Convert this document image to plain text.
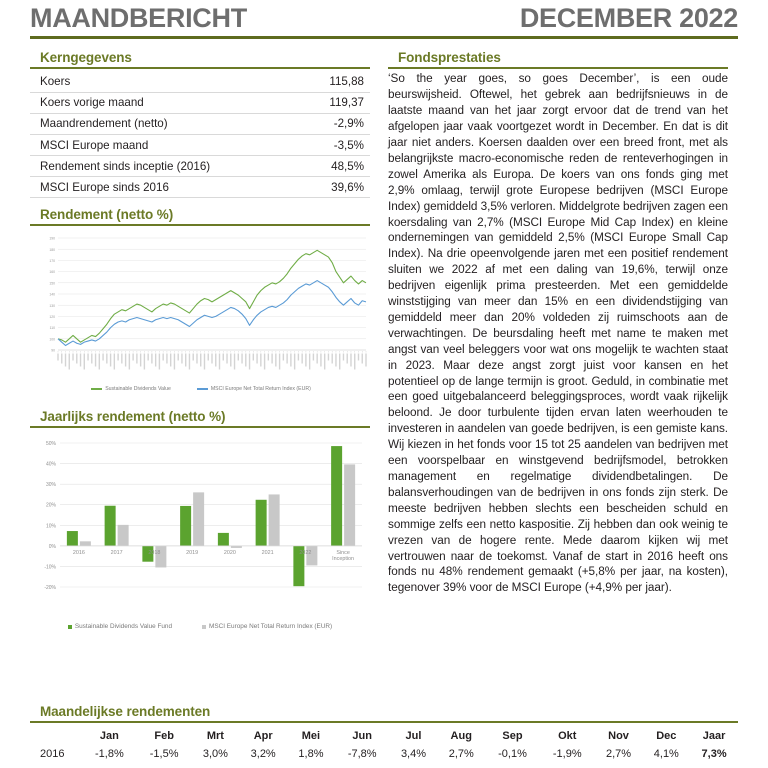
MAANDBERICHT	DECEMBER 2022
Kerngegevens
Koers	115,88
Koers vorige maand	119,37
Maandrendement (netto)	-2,9%
MSCI Europe maand	-3,5%
Rendement sinds inceptie (2016)	48,5%
MSCI Europe sinds 2016	39,6%
Rendement (netto %)
90
100
110
120
130
140
150
160
170
180
190
Sustainable Dividends Value	MSCI Europe Net Total Return Index (EUR)
Jaarlijks rendement (netto %)
-20%
-10%
0%
10%
20%
30%
40%
50%
2016	2017	2018	2019	2020	2021	2022	Since
Inception
Sustainable Dividends Value Fund	MSCI Europe Net Total Return Index (EUR)
Fondsprestaties

‘So the year goes, so goes December’, is een oude beurswijsheid. Oftewel, het gebrek aan bedrijfsnieuws in de laatste maand van het jaar zorgt ervoor dat de trend van het afgelopen jaar vaak voortgezet wordt in December. En dat is dit jaar niet anders. Koersen daalden over een breed front, met als belangrijkste macro-economische reden de renteverhogingen in zowel Amerika als Europa. De koers van ons fonds ging met 2,9% omlaag, terwijl grote Europese bedrijven (MSCI Europe Index) gemiddeld 3,5% verloren. Middelgrote bedrijven zagen een koersdaling van 2,7% (MSCI Europe Mid Cap Index) en kleine ondernemingen van gemiddeld 2,5% (MSCI Europe Small Cap Index). Na drie opeenvolgende jaren met een positief rendement sluiten we 2022 af met een daling van 19,6%, terwijl onze bedrijven eigenlijk prima presteerden. Met een gemiddelde winststijging van meer dan 15% en een dividendstijging van gemiddeld meer dan 20% voldeden zij ruimschoots aan de verwachtingen. De beursdaling heeft met name te maken met angst van veel beleggers voor wat ons mogelijk te wachten staat in 2023. Maar deze angst zorgt juist voor kansen en het potentieel op de lange termijn is groot. Geduld, in combinatie met een goed uitgebalanceerd beleggingsproces, wordt vaak rijkelijk beloond. Je door turbulente tijden ervan laten weerhouden te investeren in aandelen van goede bedrijven, is een gemiste kans. Wij kiezen in het fonds voor 15 tot 25 aandelen van bedrijven met een voorspelbaar en winstgevend bedrijfsmodel, betrokken management en regelmatige dividendbetalingen. De balansverhoudingen van de bedrijven in ons fonds zijn sterk. De meeste bedrijven hebben slechts een bescheiden schuld en sommige zelfs een netto kaspositie. Zij hebben dan ook weinig te vrezen van de hogere rente. Mede daarom kijken wij met vertrouwen naar de toekomst. Vanaf de start in 2016 heeft ons fonds nu 48% rendement gemaakt (+5,8% per jaar, na kosten), tegenover 39% voor de MSCI Europe (+4,9% per jaar).

Maandelijkse rendementen
	Jan	Feb	Mrt	Apr	Mei	Jun	Jul	Aug	Sep	Okt	Nov	Dec	Jaar
2016	-1,8%	-1,5%	3,0%	3,2%	1,8%	-7,8%	3,4%	2,7%	-0,1%	-1,9%	2,7%	4,1%	7,3%
